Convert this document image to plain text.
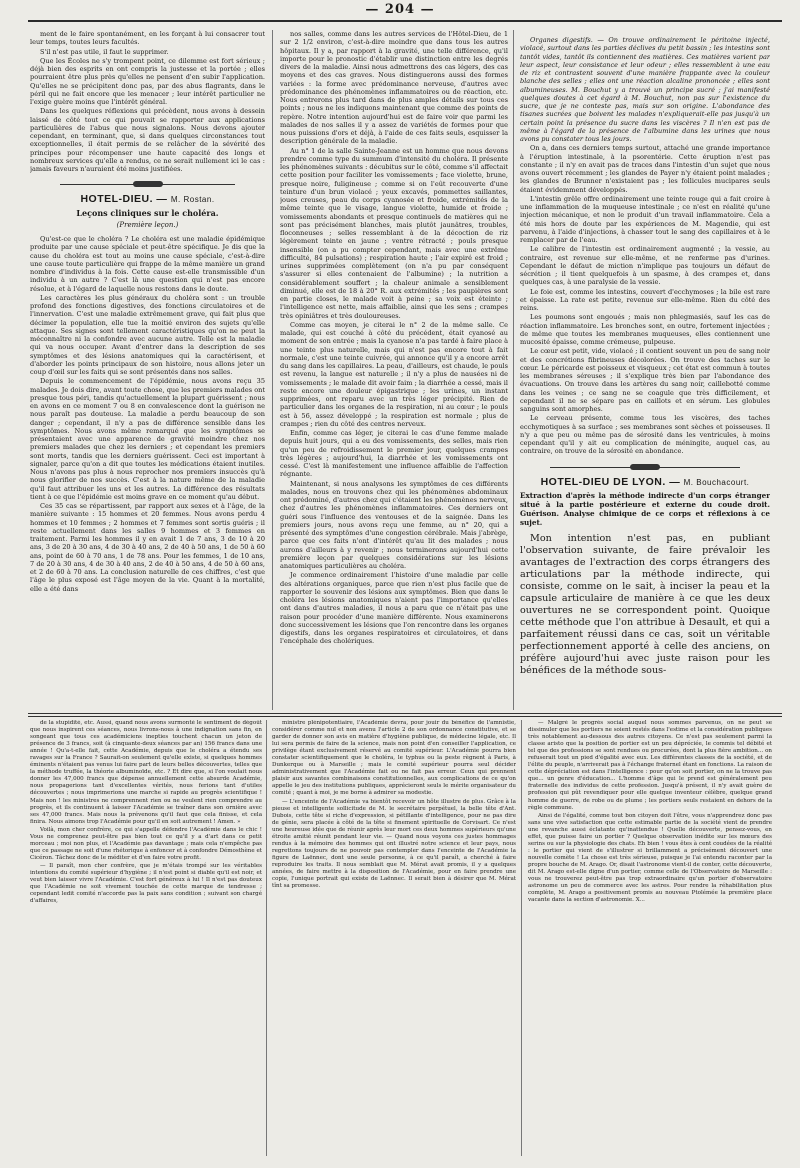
— 204 —

ment de le faire spontanément, en les forçant à lui consacrer tout leur temps, toutes leurs facultés.

S'il n'est pas utile, il faut le supprimer.

Que les Écoles ne s'y trompent point, ce dilemme est fort sérieux ; déjà bien des esprits en ont compris la justesse et la portée ; elles pourraient être plus près qu'elles ne pensent d'en subir l'application. Qu'elles ne se précipitent donc pas, par des abus flagrants, dans le péril qui ne fait encore que les menacer ; leur intérêt particulier ne l'exige guère moins que l'intérêt général.

Dans les quelques réflexions qui précèdent, nous avons à dessein laissé de côté tout ce qui pouvait se rapporter aux applications particulières de l'abus que nous signalons. Nous devons ajouter cependant, en terminant, que, si dans quelques circonstances tout exceptionnelles, il était permis de se relâcher de la sévérité des principes pour récompenser une haute capacité des longs et nombreux services qu'elle a rendus, ce ne serait nullement ici le cas : jamais faveurs n'auraient été moins justifiées.

HOTEL-DIEU. — M. Rostan.
Leçons cliniques sur le choléra.
(Première leçon.)

Qu'est-ce que le choléra ? Le choléra est une maladie épidémique produite par une cause spéciale et peut-être spécifique. Je dis que la cause du choléra est tout au moins une cause spéciale, c'est-à-dire une cause toute particulière qui frappe de la même manière un grand nombre d'individus à la fois. Cette cause est-elle transmissible d'un individu à un autre ? C'est là une question qui n'est pas encore résolue, et à l'égard de laquelle nous restons dans le doute.

Les caractères les plus généraux du choléra sont : un trouble profond des fonctions digestives, des fonctions circulatoires et de l'innervation. C'est une maladie extrêmement grave, qui fait plus que décimer la population, elle tue la moitié environ des sujets qu'elle attaque. Ses signes sont tellement caractéristiques qu'on ne peut la méconnaître ni la confondre avec aucune autre. Telle est la maladie qui va nous occuper. Avant d'entrer dans la description de ses symptômes et des lésions anatomiques qui la caractérisent, et d'aborder les points principaux de son histoire, nous allons jeter un coup d'œil sur les faits qui se sont présentés dans nos salles.

Depuis le commencement de l'épidémie, nous avons reçu 35 malades. Je dois dire, avant toute chose, que les premiers malades ont presque tous péri, tandis qu'actuellement la plupart guérissent ; nous en avons en ce moment 7 ou 8 en convalescence dont la guérison ne nous paraît pas douteuse. La maladie a perdu beaucoup de son danger ; cependant, il n'y a pas de différence sensible dans les symptômes. Nous avons même remarqué que les symptômes se présentaient avec une apparence de gravité moindre chez nos premiers malades que chez les derniers ; et cependant les premiers sont morts, tandis que les derniers guérissent. Ceci est important à signaler, parce qu'on a dit que toutes les médications étaient inutiles. Nous n'avons pas plus à nous reprocher nos premiers insuccès qu'à nous glorifier de nos succès. C'est à la nature même de la maladie qu'il faut attribuer les uns et les autres. La différence des résultats tient à ce que l'épidémie est moins grave en ce moment qu'au début.

Ces 35 cas se répartissent, par rapport aux sexes et à l'âge, de la manière suivante : 15 hommes et 20 femmes. Nous avons perdu 4 hommes et 10 femmes ; 2 hommes et 7 femmes sont sortis guéris ; il reste actuellement dans les salles 9 hommes et 3 femmes en traitement. Parmi les hommes il y en avait 1 de 7 ans, 3 de 10 à 20 ans, 3 de 20 à 30 ans, 4 de 30 à 40 ans, 2 de 40 à 50 ans, 1 de 50 à 60 ans, point de 60 à 70 ans, 1 de 78 ans. Pour les femmes, 1 de 10 ans, 7 de 20 à 30 ans, 4 de 30 à 40 ans, 2 de 40 à 50 ans, 4 de 50 à 60 ans, et 2 de 60 à 70 ans. La conclusion naturelle de ces chiffres, c'est que l'âge le plus exposé est l'âge moyen de la vie. Quant à la mortalité, elle a été dans

nos salles, comme dans les autres services de l'Hôtel-Dieu, de 1 sur 2 1/2 environ, c'est-à-dire moindre que dans tous les autres hôpitaux. Il y a, par rapport à la gravité, une telle différence, qu'il importe pour le pronostic d'établir une distinction entre les degrés divers de la maladie. Ainsi nous admettrons des cas légers, des cas moyens et des cas graves. Nous distinguerons aussi des formes variées : la forme avec prédominance nerveuse, d'autres avec prédominance des phénomènes inflammatoires ou de réaction, etc. Nous entrerons plus tard dans de plus amples détails sur tous ces points ; nous ne les indiquons maintenant que comme des points de repère. Notre intention aujourd'hui est de faire voir que parmi les malades de nos salles il y a assez de variétés de formes pour que nous puissions d'ors et déjà, à l'aide de ces faits seuls, esquisser la description générale de la maladie.

Au n° 1 de la salle Sainte-Jeanne est un homme que nous devons prendre comme type du summum d'intensité du choléra. Il présente les phénomènes suivants : décubitus sur le côté, comme s'il affectait cette position pour faciliter les vomissements ; face violette, brune, presque noire, fuligineuse ; comme si on l'eût recouverte d'une teinture d'un brun violacé ; yeux excavés, pommettes saillantes, joues creuses, peau du corps cyanosée et froide, extrémités de la même teinte que le visage, langue violette, humide et froide ; vomissements abondants et presque continuels de matières qui ne sont pas précisément blanches, mais plutôt jaunâtres, troubles, floconneuses ; selles ressemblant à de la décoction de riz légèrement teinte en jaune ; ventre rétracté ; pouls presque insensible (on a pu compter cependant, mais avec une extrême difficulté, 84 pulsations) ; respiration haute ; l'air expiré est froid ; urines supprimées complètement (on n'a pu par conséquent s'assurer si elles contenaient de l'albumine) ; la nutrition a considérablement souffert ; la chaleur animale a sensiblement diminué, elle est de 18 à 20° R. aux extrémités ; les paupières sont en partie closes, le malade voit à peine ; sa voix est éteinte ; l'intelligence est nette, mais affaiblie, ainsi que les sens ; crampes très opiniâtres et très douloureuses.

Comme cas moyen, je citerai le n° 2 de la même salle. Ce malade, qui est couché à côté du précédent, était cyanosé au moment de son entrée ; mais la cyanose n'a pas tardé à faire place à une teinte plus naturelle, mais qui n'est pas encore tout à fait normale, c'est une teinte cuivrée, qui annonce qu'il y a encore arrêt du sang dans les capillaires. La peau, d'ailleurs, est chaude, le pouls est revenu, la langue est naturelle ; il n'y a plus de nausées ni de vomissements ; le malade dit avoir faim ; la diarrhée a cessé, mais il reste encore une douleur épigastrique ; les urines, un instant supprimées, ont reparu avec un très léger précipité. Rien de particulier dans les organes de la respiration, ni au cœur ; le pouls est à 56, assez développé ; la respiration est normale ; plus de crampes ; rien du côté des centres nerveux.

Enfin, comme cas léger, je citerai le cas d'une femme malade depuis huit jours, qui a eu des vomissements, des selles, mais rien qu'un peu de refroidissement le premier jour, quelques crampes très légères ; aujourd'hui, la diarrhée et les vomissements ont cessé. C'est là manifestement une influence affaiblie de l'affection régnante.

Maintenant, si nous analysons les symptômes de ces différents malades, nous en trouvons chez qui les phénomènes abdominaux ont prédominé, d'autres chez qui c'étaient les phénomènes nerveux, chez d'autres les phénomènes inflammatoires. Ces derniers ont guéri sous l'influence des ventouses et de la saignée. Dans les premiers jours, nous avons reçu une femme, au n° 20, qui a présenté des symptômes d'une congestion cérébrale. Mais j'abrège, parce que ces faits n'ont d'intérêt qu'au lit des malades ; nous aurons d'ailleurs à y revenir ; nous terminerons aujourd'hui cette première leçon par quelques considérations sur les lésions anatomiques particulières au choléra.

Je commence ordinairement l'histoire d'une maladie par celle des altérations organiques, parce que rien n'est plus facile que de rapporter le souvenir des lésions aux symptômes. Bien que dans le choléra les lésions anatomiques n'aient pas l'importance qu'elles ont dans d'autres maladies, il nous a paru que ce n'était pas une raison pour procéder d'une manière différente. Nous examinerons donc successivement les lésions que l'on rencontre dans les organes digestifs, dans les organes respiratoires et circulatoires, et dans l'encéphale des cholériques.

Organes digestifs. — On trouve ordinairement le péritoine injecté, violacé, surtout dans les parties déclives du petit bassin ; les intestins sont tantôt vides, tantôt ils contiennent des matières. Ces matières varient par leur aspect, leur consistance et leur odeur ; elles ressemblent à une eau de riz et contrastent souvent d'une manière frappante avec la couleur blanche des selles ; elles ont une réaction alcaline prononcée ; elles sont albumineuses. M. Bouchut y a trouvé un principe sucré ; j'ai manifesté quelques doutes à cet égard à M. Bouchut, non pas sur l'existence du sucre, que je ne conteste pas, mais sur son origine. L'abondance des tisanes sucrées que boivent les malades n'expliquerait-elle pas jusqu'à un certain point la présence du sucre dans les viscères ? Il n'en est pas de même à l'égard de la présence de l'albumine dans les urines que nous avons pu constater tous les jours.

On a, dans ces derniers temps surtout, attaché une grande importance à l'éruption intestinale, à la psorentérie. Cette éruption n'est pas constante ; il n'y en avait pas de traces dans l'intestin d'un sujet que nous avons ouvert récemment ; les glandes de Payer n'y étaient point malades ; les glandes de Brunner n'existaient pas ; les follicules mucipares seuls étaient évidemment développés.

L'intestin grêle offre ordinairement une teinte rouge qui a fait croire à une inflammation de la muqueuse intestinale ; ce n'est en réalité qu'une injection mécanique, et non le produit d'un travail inflammatoire. Cela a été mis hors de doute par les expériences de M. Magendie, qui est parvenu, à l'aide d'injections, à chasser tout le sang des capillaires et à le remplacer par de l'eau.

Le calibre de l'intestin est ordinairement augmenté ; la vessie, au contraire, est revenue sur elle-même, et ne renferme pas d'urines. Cependant le défaut de miction n'implique pas toujours un défaut de sécrétion ; il tient quelquefois à un spasme, à des crampes et, dans quelques cas, à une paralysie de la vessie.

Le foie est, comme les intestins, couvert d'ecchymoses ; la bile est rare et épaisse. La rate est petite, revenue sur elle-même. Rien du côté des reins.

Les poumons sont engoués ; mais non phlegmasiés, sauf les cas de réaction inflammatoire. Les bronches sont, en outre, fortement injectées ; de même que toutes les membranes muqueuses, elles contiennent une mucosité épaisse, comme crémeuse, pulpeuse.

Le cœur est petit, vide, violacé ; il contient souvent un peu de sang noir et des concrétions fibrineuses décolorées. On trouve des taches sur le cœur. Le péricarde est poisseux et visqueux ; cet état est commun à toutes les membranes séreuses ; il s'explique très bien par l'abondance des évacuations. On trouve dans les artères du sang noir, caillebotté comme dans les veines ; ce sang ne se coagule que très difficilement, et cependant il ne se sépare pas en caillots et en sérum. Les globules sanguins sont amorphes.

Le cerveau présente, comme tous les viscères, des taches ecchymotiques à sa surface ; ses membranes sont sèches et poisseuses. Il n'y a que peu ou même pas de sérosité dans les ventricules, à moins cependant qu'il y ait eu complication de méningite, auquel cas, au contraire, on trouve de la sérosité en abondance.

HOTEL-DIEU DE LYON. — M. Bouchacourt.
Extraction d'après la méthode indirecte d'un corps étranger situé à la partie postérieure et externe du coude droit. Guérison. Analyse chimique de ce corps et réflexions à ce sujet.

Mon intention n'est pas, en publiant l'observation suivante, de faire prévaloir les avantages de l'extraction des corps étrangers des articulations par la méthode indirecte, qui consiste, comme on le sait, à inciser la peau et la capsule articulaire de manière à ce que les deux ouvertures ne se correspondent point. Quoique cette méthode que l'on attribue à Desault, et qui a parfaitement réussi dans ce cas, soit un véritable perfectionnement apporté à celle des anciens, on préfère aujourd'hui avec juste raison pour les bénéfices de la méthode sous-

de la stupidité, etc. Aussi, quand nous avons surmonté le sentiment de dégoût que nous inspirent ces séances, nous livrons-nous à une indignation sans fin, en songeant que tous ces académiciens inepties touchent chacun un jeton de présence de 3 francs, soit (à cinquante-deux séances par an) 156 francs dans une année ! Qu'a-t-elle fait, cette Académie, depuis que le choléra a étendu ses ravages sur la France ? Saurait-on seulement qu'elle existe, si quelques hommes éminents n'étaient pas venus lui faire part de leurs belles découvertes, telles que la méthode truffée, la théorie albuminoïde, etc. ? Et dire que, si l'on voulait nous donner les 47,000 francs que dépense annuellement cette absurde Académie, nous propagerions tant d'excellentes vérités, nous ferions tant d'utiles découvertes ; nous imprimerions une marche si rapide au progrès scientifique ! Mais non ! les ministres ne comprennent rien ou ne veulent rien comprendre au progrès, et ils continuent à laisser l'Académie se traîner dans son ornière avec ses 47,000 francs. Mais nous la prévenons qu'il faut que cela finisse, et cela finira. Nous aimons trop l'Académie pour qu'il en soit autrement ! Amen. »

Voilà, mon cher confrère, ce qui s'appelle défendre l'Académie dans le chic ! Vous ne comprenez peut-être pas bien tout ce qu'il y a d'art dans ce petit morceau ; moi non plus, et l'Académie pas davantage ; mais cela n'empêche pas que ce passage ne soit d'une rhétorique à enfoncer et à confondre Démosthène et Cicéron. Tâchez donc de le méditer et d'en faire votre profit.

— Il paraît, mon cher confrère, que je m'étais trompé sur les véritables intentions du comité supérieur d'hygiène ; il n'est point si diable qu'il est noir, et veut bien laisser vivre l'Académie. C'est fort généreux à lui ! Il n'est pas douteux que l'Académie ne soit vivement touchée de cette marque de tendresse ; cependant ledit comité n'accorde pas la paix sans condition ; suivant son chargé d'affaires,

ministre plénipotentiaire, l'Académie devra, pour jouir du bénéfice de l'amnistie, considérer comme nul et non avenu l'article 2 de son ordonnance constitutive, et se garder de donner son avis en matière d'hygiène publique, de médecine légale, etc. Il lui sera permis de faire de la science, mais non point d'en conseiller l'application, ce privilège étant exclusivement réservé au comité supérieur. L'Académie pourra bien constater scientifiquement que le choléra, le typhus ou la peste règnent à Paris, à Dunkerque ou à Marseille ; mais le comité supérieur pourra seul décider administrativement que l'Académie fait ou ne fait pas erreur. Ceux qui prennent plaisir aux savantes combinaisons constitutionnelles, aux complications de ce qu'on appelle le jeu des institutions publiques, apprécieront seuls le mérite organisateur du comité ; quant à moi, je me borne à admirer sa modestie.

— L'enceinte de l'Académie va bientôt recevoir un hôte illustre de plus. Grâce à la pieuse et intelligente sollicitude de M. le secrétaire perpétuel, la belle tête d'Ant. Dubois, cette tête si riche d'expression, si pétillante d'intelligence, pour ne pas dire de génie, sera placée à côté de la tête si finement spirituelle de Corvisart. Ce n'est une heureuse idée que de réunir après leur mort ces deux hommes supérieurs qu'une étroite amitié réunit pendant leur vie. — Quand nous voyons ces justes hommages rendus à la mémoire des hommes qui ont illustré notre science et leur pays, nous regrettons toujours de ne pouvoir pas contempler dans l'enceinte de l'Académie la figure de Laënnec, dont une seule personne, à ce qu'il paraît, a cherché à faire reproduire les traits. Il nous semblait que M. Mérat avait promis, il y a quelques années, de faire mettre à la disposition de l'Académie, pour en faire prendre une copie, l'unique portrait qui existe de Laënnec. Il serait bien à désirer que M. Mérat tînt sa promesse.

— Malgré le progrès social auquel nous sommes parvenus, on ne peut se dissimuler que les portiers ne soient restés dans l'estime et la considération publiques très notablement au-dessous des autres citoyens. Ce n'est pas seulement parmi la classe aristo que la position de portier est un peu dépréciée, le commis tel débité et tel que des professions se sont rendues ou procurées, dont la plus fière ambition... on refuserait tout un pied d'égalité avec eux. Les différentes classes de la société, et de l'élite du peuple, n'arriverait pas à l'échange fraternel étant en fonctions. La raison de cette dépréciation est dans l'intelligence : pour qu'on soit portier, on ne la trouve pas que... un genre d'éducation... L'homme d'âge qui le prend est généralement peu fraternelle des individus de cette profession. Jusqu'à présent, il n'y avait guère de profession qui pût revendiquer pour elle quelque inventeur célèbre, quelque grand homme de guerre, de robe ou de plume ; les portiers seuls restaient en dehors de la règle commune.

Ainsi de l'égalité, comme tout bon citoyen doit l'être, vous n'apprendrez donc pas sans une vive satisfaction que cette estimable partie de la société vient de prendre une revanche aussi éclatante qu'inattendue ! Quelle découverte, pensez-vous, en effet, que puisse faire un portier ? Quelque observation inédite sur les mœurs des serins ou sur la physiologie des chats. Eh bien ! vous êtes à cent coudées de la réalité : le portier qui vient de s'illustrer si brillamment a précisément découvert une nouvelle comète ! La chose est très sérieuse, puisque je l'ai entendu raconter par la propre bouche de M. Arago. Or, disait l'astronome vient-il de conter, cette découverte, dit M. Arago est-elle digne d'un portier, comme celle de l'Observatoire de Marseille : vous ne trouverez peut-être pas trop extraordinaire qu'un portier d'observatoire astronome un peu de commerce avec les astres. Pour rendre la réhabilitation plus complète, M. Arago a positivement promis au nouveau Ptolémée la première place vacante dans la section d'astronomie. X...
